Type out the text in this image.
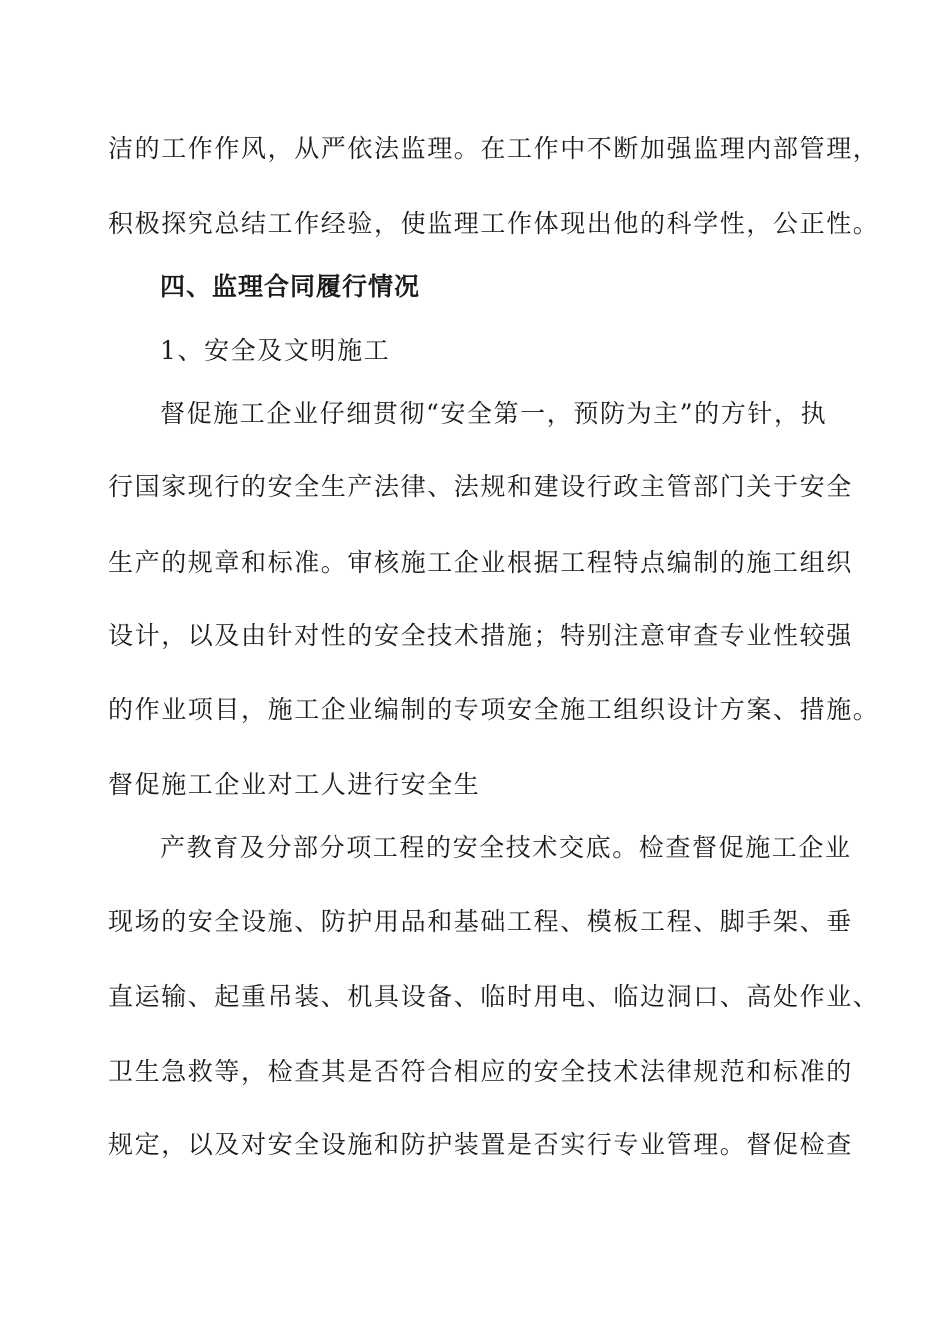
洁的工作作风，从严依法监理。在工作中不断加强监理内部管理，
积极探究总结工作经验，使监理工作体现出他的科学性，公正性。
四、监理合同履行情况
1、安全及文明施工
督促施工企业仔细贯彻“安全第一，预防为主”的方针，执
行国家现行的安全生产法律、法规和建设行政主管部门关于安全
生产的规章和标准。审核施工企业根据工程特点编制的施工组织
设计，以及由针对性的安全技术措施；特别注意审查专业性较强
的作业项目，施工企业编制的专项安全施工组织设计方案、措施。
督促施工企业对工人进行安全生
产教育及分部分项工程的安全技术交底。检查督促施工企业
现场的安全设施、防护用品和基础工程、模板工程、脚手架、垂
直运输、起重吊装、机具设备、临时用电、临边洞口、高处作业、
卫生急救等，检查其是否符合相应的安全技术法律规范和标准的
规定，以及对安全设施和防护装置是否实行专业管理。督促检查
